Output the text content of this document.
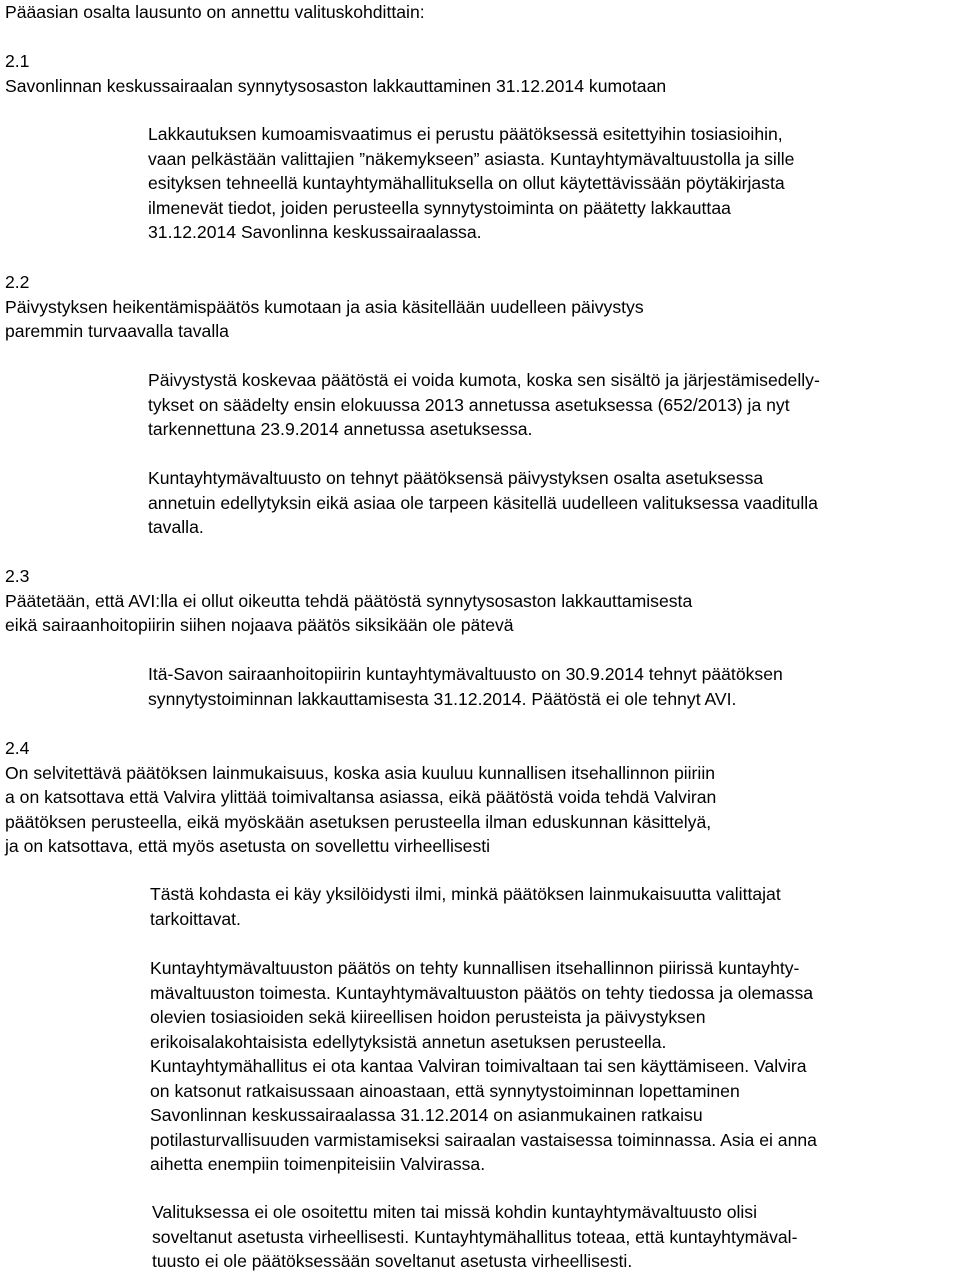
Pääasian osalta lausunto on annettu valituskohdittain:
2.1
Savonlinnan keskussairaalan synnytysosaston lakkauttaminen 31.12.2014 kumotaan
Lakkautuksen kumoamisvaatimus ei perustu päätöksessä esitettyihin tosiasioihin,
vaan pelkästään valittajien ”näkemykseen” asiasta. Kuntayhtymävaltuustolla ja sille
esityksen tehneellä kuntayhtymähallituksella on ollut käytettävissään pöytäkirjasta
ilmenevät tiedot, joiden perusteella synnytystoiminta on päätetty lakkauttaa
31.12.2014 Savonlinna keskussairaalassa.
2.2
Päivystyksen heikentämispäätös kumotaan ja asia käsitellään uudelleen päivystys
paremmin turvaavalla tavalla
Päivystystä koskevaa päätöstä ei voida kumota, koska sen sisältö ja järjestämisedelly-
tykset on säädelty ensin elokuussa 2013 annetussa asetuksessa (652/2013) ja nyt
tarkennettuna 23.9.2014 annetussa asetuksessa.
Kuntayhtymävaltuusto on tehnyt päätöksensä päivystyksen osalta asetuksessa
annetuin edellytyksin eikä asiaa ole tarpeen käsitellä uudelleen valituksessa vaaditulla
tavalla.
2.3
Päätetään, että AVI:lla ei ollut oikeutta tehdä päätöstä synnytysosaston lakkauttamisesta
eikä sairaanhoitopiirin siihen nojaava päätös siksikään ole pätevä
Itä-Savon sairaanhoitopiirin kuntayhtymävaltuusto on 30.9.2014 tehnyt päätöksen
synnytystoiminnan lakkauttamisesta 31.12.2014. Päätöstä ei ole tehnyt AVI.
2.4
On selvitettävä päätöksen lainmukaisuus, koska asia kuuluu kunnallisen itsehallinnon piiriin
a on katsottava että Valvira ylittää toimivaltansa asiassa, eikä päätöstä voida tehdä Valviran
päätöksen perusteella, eikä myöskään asetuksen perusteella ilman eduskunnan käsittelyä,
ja on katsottava, että myös asetusta on sovellettu virheellisesti
Tästä kohdasta ei käy yksilöidysti ilmi, minkä päätöksen lainmukaisuutta valittajat
tarkoittavat.
Kuntayhtymävaltuuston päätös on tehty kunnallisen itsehallinnon piirissä kuntayhty-
mävaltuuston toimesta. Kuntayhtymävaltuuston päätös on tehty tiedossa ja olemassa
olevien tosiasioiden sekä kiireellisen hoidon perusteista ja päivystyksen
erikoisalakohtaisista edellytyksistä annetun asetuksen perusteella.
Kuntayhtymähallitus ei ota kantaa Valviran toimivaltaan tai sen käyttämiseen. Valvira
on katsonut ratkaisussaan ainoastaan, että synnytystoiminnan lopettaminen
Savonlinnan keskussairaalassa 31.12.2014 on asianmukainen ratkaisu
potilasturvallisuuden varmistamiseksi sairaalan vastaisessa toiminnassa. Asia ei anna
aihetta enempiin toimenpiteisiin Valvirassa.
Valituksessa ei ole osoitettu miten tai missä kohdin kuntayhtymävaltuusto olisi
soveltanut asetusta virheellisesti. Kuntayhtymähallitus toteaa, että kuntayhtymäval-
tuusto ei ole päätöksessään soveltanut asetusta virheellisesti.
